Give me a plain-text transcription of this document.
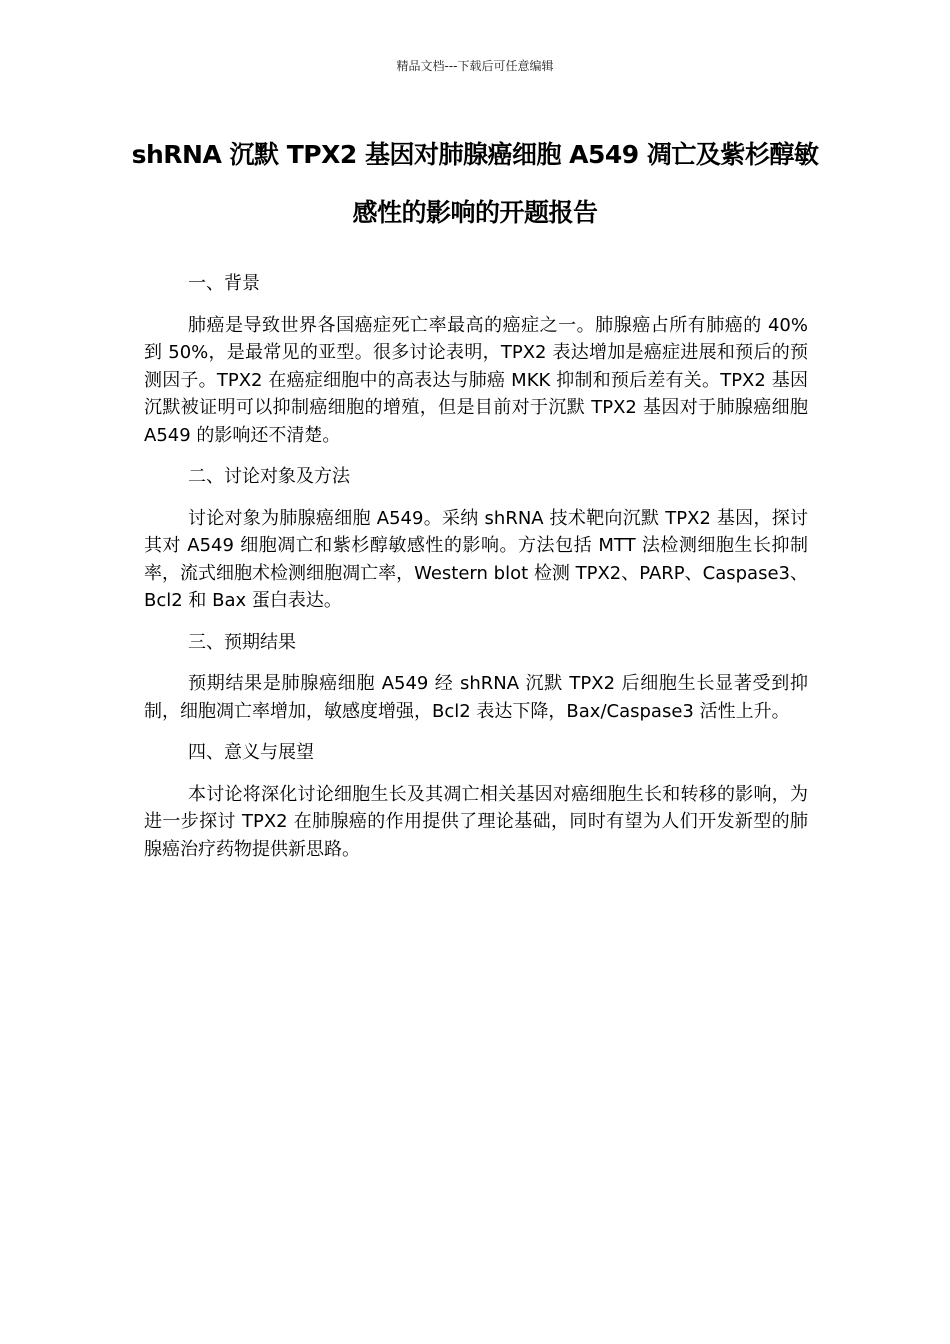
精品文档---下载后可任意编辑
shRNA 沉默 TPX2 基因对肺腺癌细胞 A549 凋亡及紫杉醇敏感性的影响的开题报告
一、背景
肺癌是导致世界各国癌症死亡率最高的癌症之一。肺腺癌占所有肺癌的 40%到 50%，是最常见的亚型。很多讨论表明，TPX2 表达增加是癌症进展和预后的预测因子。TPX2 在癌症细胞中的高表达与肺癌 MKK 抑制和预后差有关。TPX2 基因沉默被证明可以抑制癌细胞的增殖，但是目前对于沉默 TPX2 基因对于肺腺癌细胞 A549 的影响还不清楚。
二、讨论对象及方法
讨论对象为肺腺癌细胞 A549。采纳 shRNA 技术靶向沉默 TPX2 基因，探讨其对 A549 细胞凋亡和紫杉醇敏感性的影响。方法包括 MTT 法检测细胞生长抑制率，流式细胞术检测细胞凋亡率，Western blot 检测 TPX2、PARP、Caspase3、Bcl2 和 Bax 蛋白表达。
三、预期结果
预期结果是肺腺癌细胞 A549 经 shRNA 沉默 TPX2 后细胞生长显著受到抑制，细胞凋亡率增加，敏感度增强，Bcl2 表达下降，Bax/Caspase3 活性上升。
四、意义与展望
本讨论将深化讨论细胞生长及其凋亡相关基因对癌细胞生长和转移的影响，为进一步探讨 TPX2 在肺腺癌的作用提供了理论基础，同时有望为人们开发新型的肺腺癌治疗药物提供新思路。
